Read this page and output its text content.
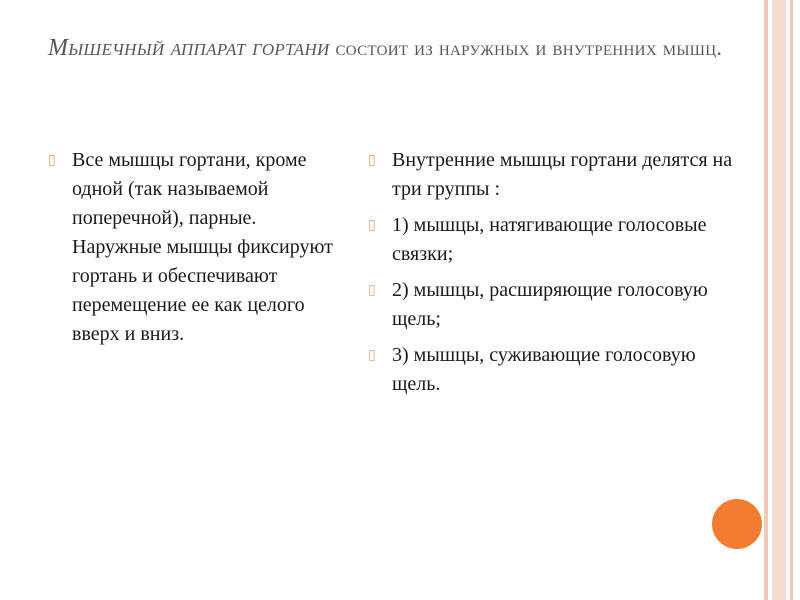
Мышечный аппарат гортани состоит из наружных и внутренних мышц.
▯ Все мышцы гортани, кроме одной (так называемой поперечной), парные. Наружные мышцы фиксируют гортань и обеспечивают перемещение ее как целого вверх и вниз.
▯ Внутренние мышцы гортани делятся на три группы :
▯ 1) мышцы, натягивающие голосовые связки;
▯ 2) мышцы, расширяющие голосовую щель;
▯ 3) мышцы, суживающие голосовую щель.
